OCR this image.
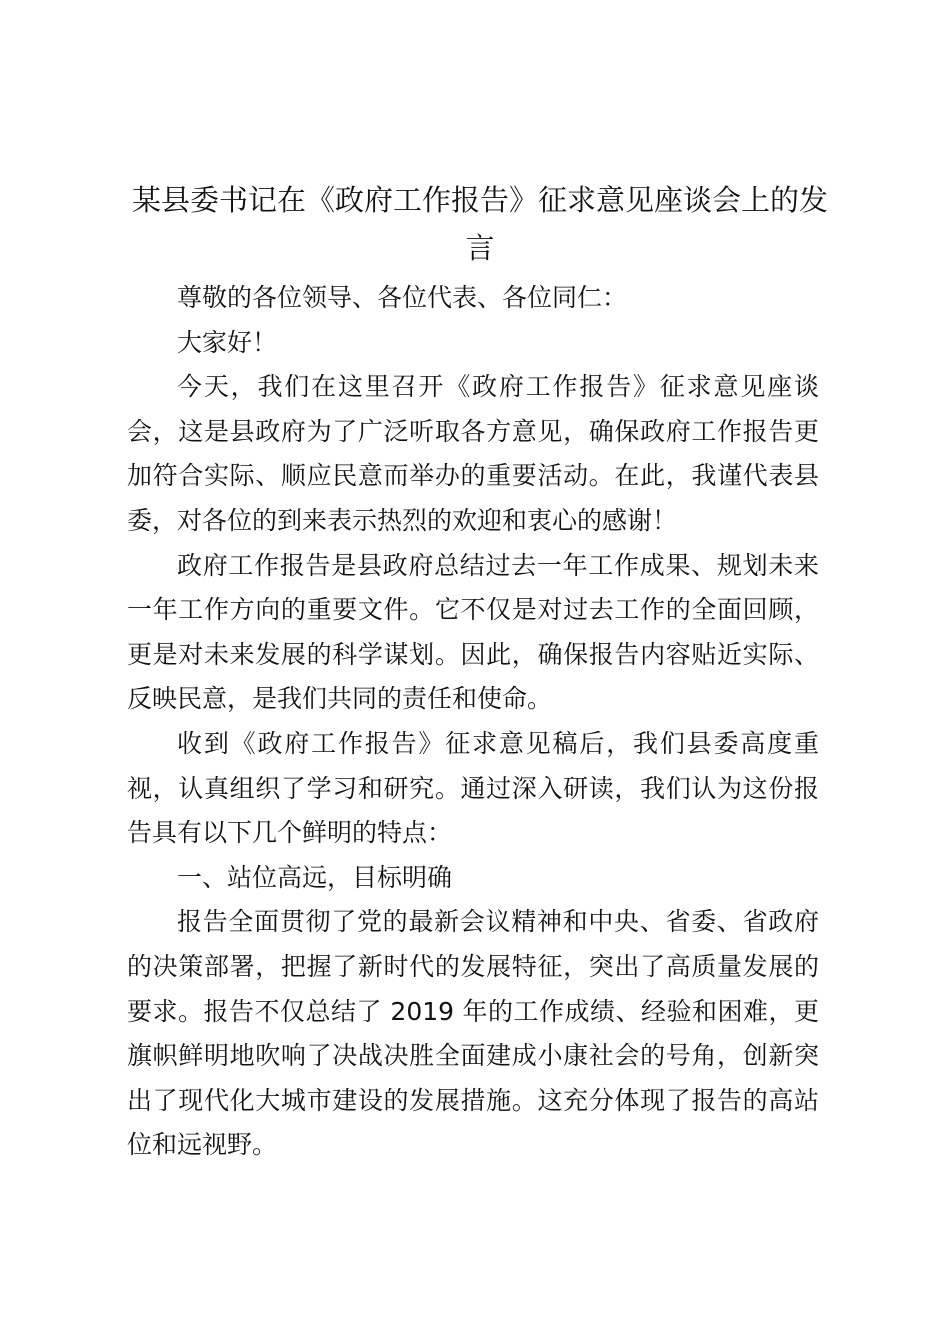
某县委书记在《政府工作报告》征求意见座谈会上的发言

尊敬的各位领导、各位代表、各位同仁：

大家好！

今天，我们在这里召开《政府工作报告》征求意见座谈会，这是县政府为了广泛听取各方意见，确保政府工作报告更加符合实际、顺应民意而举办的重要活动。在此，我谨代表县委，对各位的到来表示热烈的欢迎和衷心的感谢！

政府工作报告是县政府总结过去一年工作成果、规划未来一年工作方向的重要文件。它不仅是对过去工作的全面回顾，更是对未来发展的科学谋划。因此，确保报告内容贴近实际、反映民意，是我们共同的责任和使命。

收到《政府工作报告》征求意见稿后，我们县委高度重视，认真组织了学习和研究。通过深入研读，我们认为这份报告具有以下几个鲜明的特点：

一、站位高远，目标明确

报告全面贯彻了党的最新会议精神和中央、省委、省政府的决策部署，把握了新时代的发展特征，突出了高质量发展的要求。报告不仅总结了 2019 年的工作成绩、经验和困难，更旗帜鲜明地吹响了决战决胜全面建成小康社会的号角，创新突出了现代化大城市建设的发展措施。这充分体现了报告的高站位和远视野。
